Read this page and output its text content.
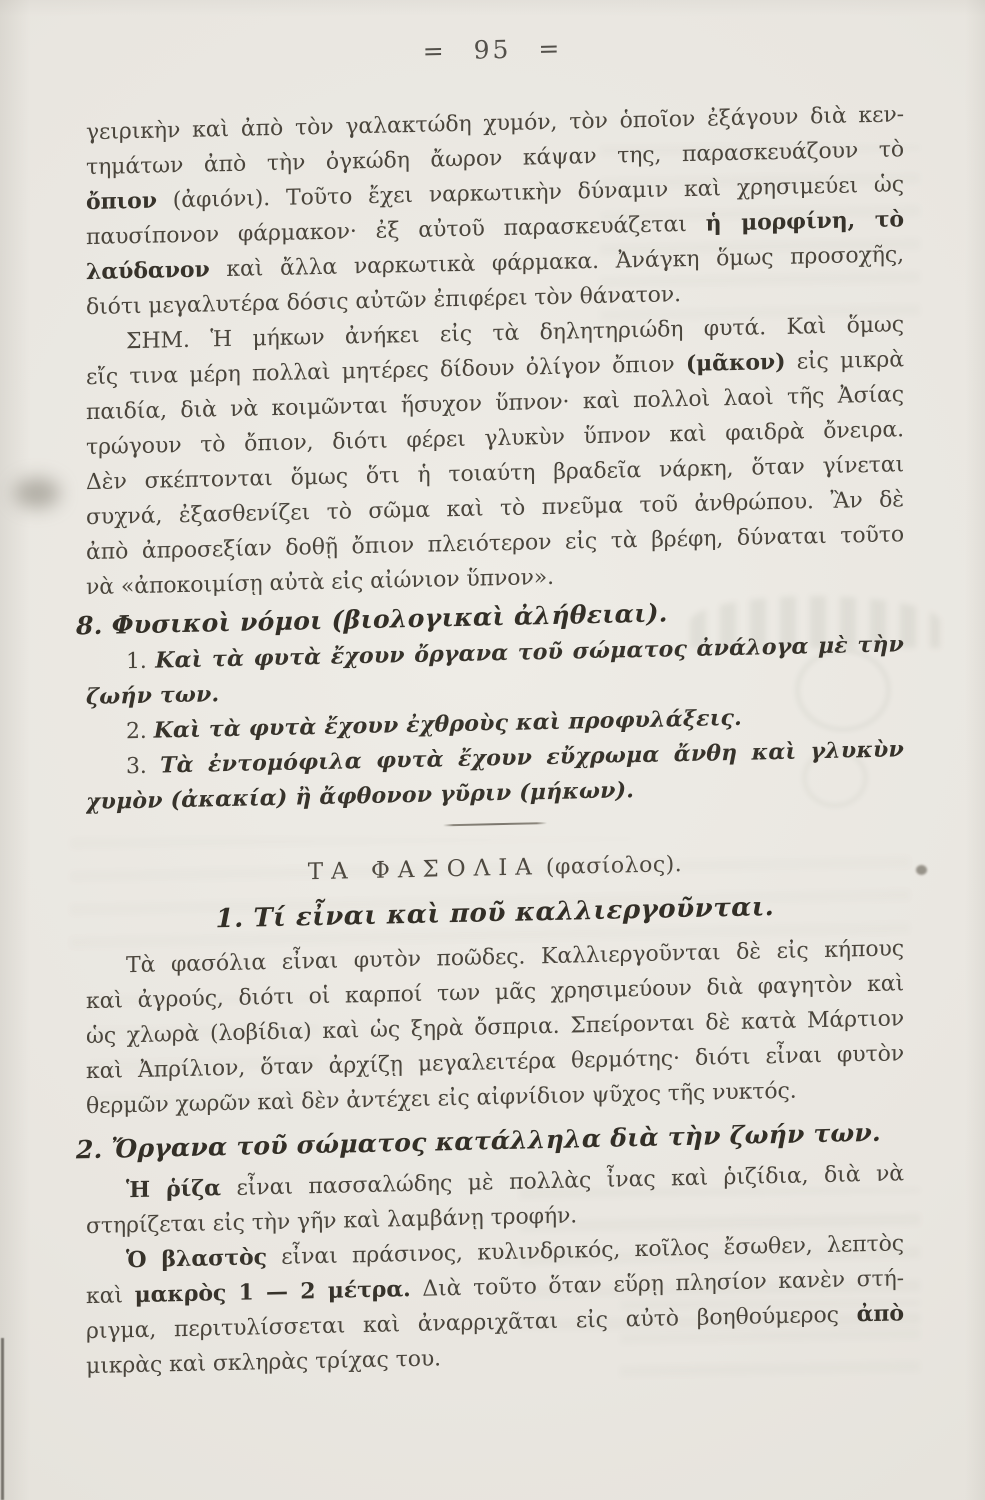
= 95 =
γειρικὴν καὶ ἀπὸ τὸν γαλακτώδη χυμόν, τὸν ὁποῖον ἐξάγουν διὰ κεν-
τημάτων ἀπὸ τὴν ὀγκώδη ἄωρον κάψαν της, παρασκευάζουν τὸ
ὄπιον (ἀφιόνι). Τοῦτο ἔχει ναρκωτικὴν δύναμιν καὶ χρησιμεύει ὡς
παυσίπονον φάρμακον· ἐξ αὐτοῦ παρασκευάζεται ἡ μορφίνη, τὸ
λαύδανον καὶ ἄλλα ναρκωτικὰ φάρμακα. Ἀνάγκη ὅμως προσοχῆς,
διότι μεγαλυτέρα δόσις αὐτῶν ἐπιφέρει τὸν θάνατον.
ΣΗΜ. Ἡ μήκων ἀνήκει εἰς τὰ δηλητηριώδη φυτά. Καὶ ὅμως
εἴς τινα μέρη πολλαὶ μητέρες δίδουν ὀλίγον ὄπιον (μᾶκον) εἰς μικρὰ
παιδία, διὰ νὰ κοιμῶνται ἥσυχον ὕπνον· καὶ πολλοὶ λαοὶ τῆς Ἀσίας
τρώγουν τὸ ὄπιον, διότι φέρει γλυκὺν ὕπνον καὶ φαιδρὰ ὄνειρα.
Δὲν σκέπτονται ὅμως ὅτι ἡ τοιαύτη βραδεῖα νάρκη, ὅταν γίνεται
συχνά, ἐξασθενίζει τὸ σῶμα καὶ τὸ πνεῦμα τοῦ ἀνθρώπου. Ἂν δὲ
ἀπὸ ἀπροσεξίαν δοθῇ ὄπιον πλειότερον εἰς τὰ βρέφη, δύναται τοῦτο
νὰ «ἀποκοιμίσῃ αὐτὰ εἰς αἰώνιον ὕπνον».
8. Φυσικοὶ νόμοι (βιολογικαὶ ἀλήθειαι).
1. Καὶ τὰ φυτὰ ἔχουν ὄργανα τοῦ σώματος ἀνάλογα μὲ τὴν
ζωήν των.
2. Καὶ τὰ φυτὰ ἔχουν ἐχθροὺς καὶ προφυλάξεις.
3. Τὰ ἐντομόφιλα φυτὰ ἔχουν εὔχρωμα ἄνθη καὶ γλυκὺν
χυμὸν (ἀκακία) ἢ ἄφθονον γῦριν (μήκων).
ΤΑ ΦΑΣΟΛΙΑ (φασίολος).
1. Τί εἶναι καὶ ποῦ καλλιεργοῦνται.
Τὰ φασόλια εἶναι φυτὸν ποῶδες. Καλλιεργοῦνται δὲ εἰς κήπους
καὶ ἀγρούς, διότι οἱ καρποί των μᾶς χρησιμεύουν διὰ φαγητὸν καὶ
ὡς χλωρὰ (λοβίδια) καὶ ὡς ξηρὰ ὄσπρια. Σπείρονται δὲ κατὰ Μάρτιον
καὶ Ἀπρίλιον, ὅταν ἀρχίζῃ μεγαλειτέρα θερμότης· διότι εἶναι φυτὸν
θερμῶν χωρῶν καὶ δὲν ἀντέχει εἰς αἰφνίδιον ψῦχος τῆς νυκτός.
2. Ὄργανα τοῦ σώματος κατάλληλα διὰ τὴν ζωήν των.
Ἡ ῥίζα εἶναι πασσαλώδης μὲ πολλὰς ἶνας καὶ ῥιζίδια, διὰ νὰ
στηρίζεται εἰς τὴν γῆν καὶ λαμβάνῃ τροφήν.
Ὁ βλαστὸς εἶναι πράσινος, κυλινδρικός, κοῖλος ἔσωθεν, λεπτὸς
καὶ μακρὸς 1 — 2 μέτρα. Διὰ τοῦτο ὅταν εὕρῃ πλησίον κανὲν στή-
ριγμα, περιτυλίσσεται καὶ ἀναρριχᾶται εἰς αὐτὸ βοηθούμερος ἀπὸ
μικρὰς καὶ σκληρὰς τρίχας του.
